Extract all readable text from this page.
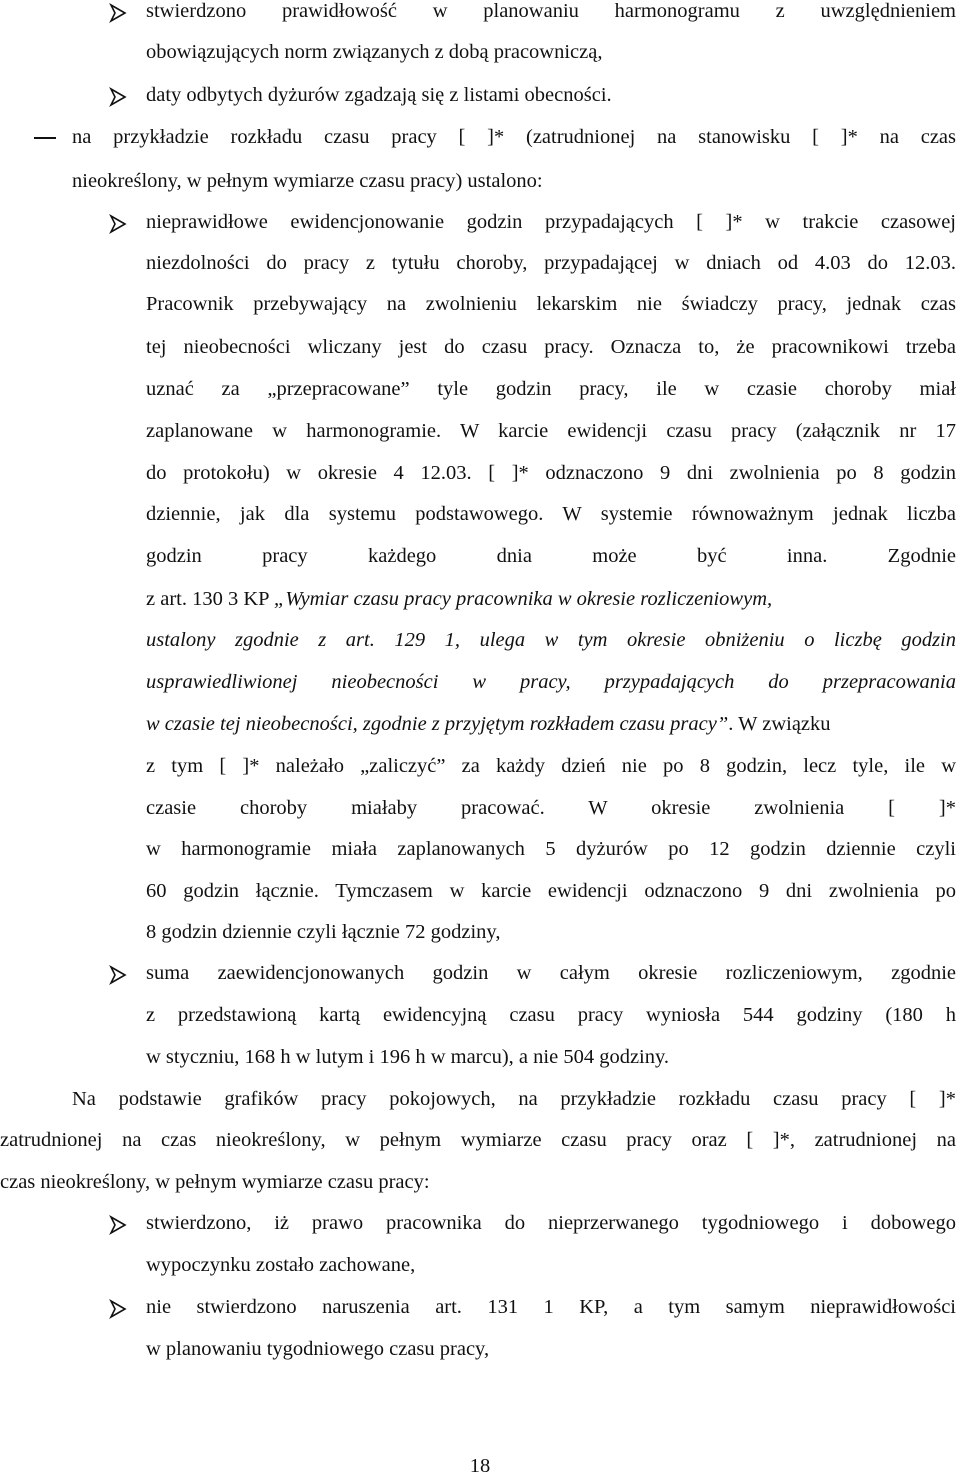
stwierdzono prawidłowość w planowaniu harmonogramu z uwzględnieniem
obowiązujących norm związanych z dobą pracowniczą,
daty odbytych dyżurów zgadzają się z listami obecności.
na przykładzie rozkładu czasu pracy [ ]* (zatrudnionej na stanowisku [ ]* na czas
nieokreślony, w pełnym wymiarze czasu pracy) ustalono:
nieprawidłowe ewidencjonowanie godzin przypadających [ ]* w trakcie czasowej
niezdolności do pracy z tytułu choroby, przypadającej w dniach od 4.03 do 12.03.
Pracownik przebywający na zwolnieniu lekarskim nie świadczy pracy, jednak czas
tej nieobecności wliczany jest do czasu pracy. Oznacza to, że pracownikowi trzeba
uznać za „przepracowane” tyle godzin pracy, ile w czasie choroby miał
zaplanowane w harmonogramie. W karcie ewidencji czasu pracy (załącznik nr 17
do protokołu) w okresie 4 12.03. [ ]* odznaczono 9 dni zwolnienia po 8 godzin
dziennie, jak dla systemu podstawowego. W systemie równoważnym jednak liczba
godzin pracy każdego dnia może być inna. Zgodnie
z art. 130 3 KP „Wymiar czasu pracy pracownika w okresie rozliczeniowym,
ustalony zgodnie z art. 129 1, ulega w tym okresie obniżeniu o liczbę godzin
usprawiedliwionej nieobecności w pracy, przypadających do przepracowania
w czasie tej nieobecności, zgodnie z przyjętym rozkładem czasu pracy”. W związku
z tym [ ]* należało „zaliczyć” za każdy dzień nie po 8 godzin, lecz tyle, ile w
czasie choroby miałaby pracować. W okresie zwolnienia [ ]*
w harmonogramie miała zaplanowanych 5 dyżurów po 12 godzin dziennie czyli
60 godzin łącznie. Tymczasem w karcie ewidencji odznaczono 9 dni zwolnienia po
8 godzin dziennie czyli łącznie 72 godziny,
suma zaewidencjonowanych godzin w całym okresie rozliczeniowym, zgodnie
z przedstawioną kartą ewidencyjną czasu pracy wyniosła 544 godziny (180 h
w styczniu, 168 h w lutym i 196 h w marcu), a nie 504 godziny.
Na podstawie grafików pracy pokojowych, na przykładzie rozkładu czasu pracy [ ]*
zatrudnionej na czas nieokreślony, w pełnym wymiarze czasu pracy oraz [ ]*, zatrudnionej na
czas nieokreślony, w pełnym wymiarze czasu pracy:
stwierdzono, iż prawo pracownika do nieprzerwanego tygodniowego i dobowego
wypoczynku zostało zachowane,
nie stwierdzono naruszenia art. 131 1 KP, a tym samym nieprawidłowości
w planowaniu tygodniowego czasu pracy,
18
